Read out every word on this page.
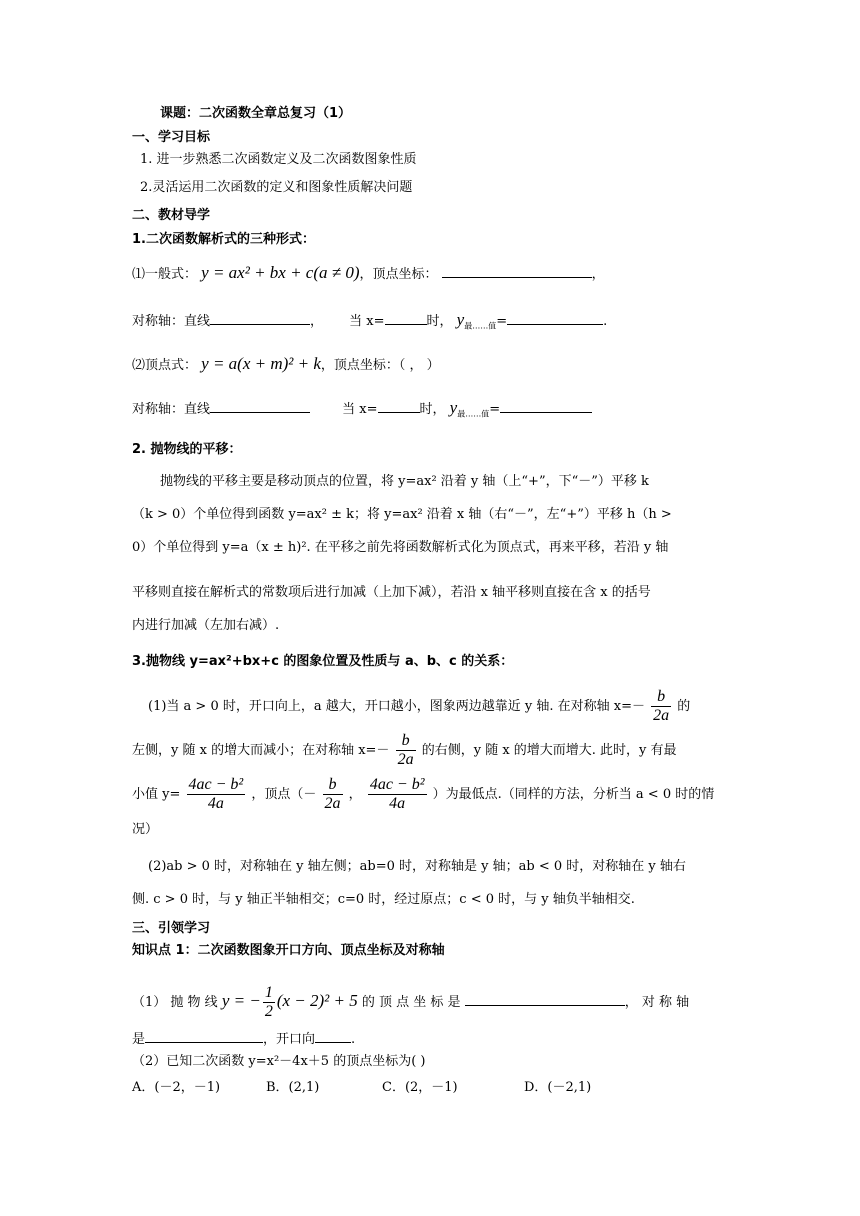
课题：二次函数全章总复习（1）
一、学习目标
1. 进一步熟悉二次函数定义及二次函数图象性质
2.灵活运用二次函数的定义和图象性质解决问题
二、教材导学
1.二次函数解析式的三种形式：
⑴一般式： y = ax² + bx + c(a ≠ 0)，顶点坐标：	，
对称轴：直线	， 当 x=	时， $y_{最\dots\dots 值}=$	.
⑵顶点式： y = a(x + m)² + k，顶点坐标：（ ， ）
对称轴：直线	当 x=	时， $y_{最\dots\dots 值}=$
2. 抛物线的平移：
抛物线的平移主要是移动顶点的位置，将 y=ax² 沿着 y 轴（上“+”，下“－”）平移 k
（k > 0）个单位得到函数 y=ax² ± k；将 y=ax² 沿着 x 轴（右“－”，左“+”）平移 h（h >
0）个单位得到 y=a（x ± h)². 在平移之前先将函数解析式化为顶点式，再来平移，若沿 y 轴
平移则直接在解析式的常数项后进行加减（上加下减），若沿 x 轴平移则直接在含 x 的括号
内进行加减（左加右减）.
3.抛物线 y=ax²+bx+c 的图象位置及性质与 a、b、c 的关系：
(1)当 a > 0 时，开口向上，a 越大，开口越小，图象两边越靠近 y 轴. 在对称轴 $x=- \frac{b}{2a}$ 的
左侧，y 随 x 的增大而减小；在对称轴 $x=- \frac{b}{2a}$ 的右侧，y 随 x 的增大而增大. 此时，y 有最
小值 $y= \frac{\text{4ac − b²}}{4a}$ ，顶点（－ $\frac{b}{2a}$ ， $\frac{\text{4ac − b²}}{4a}$ ）为最低点.（同样的方法，分析当 a < 0 时的情
况）
(2)ab > 0 时，对称轴在 y 轴左侧；ab=0 时，对称轴是 y 轴；ab < 0 时，对称轴在 y 轴右
侧. c > 0 时，与 y 轴正半轴相交；c=0 时，经过原点；c < 0 时，与 y 轴负半轴相交.
三、引领学习
知识点 1：二次函数图象开口方向、顶点坐标及对称轴
（1） 抛 物 线 y = − $\frac{1}{2} (x - 2)^2 + 5$ 的 顶 点 坐 标 是	， 对 称 轴
是	，开口向	.
（2）已知二次函数 y=x²－4x＋5 的顶点坐标为( )
A．(－2，－1)	B．(2,1)	C．(2，－1)	D．(－2,1)
